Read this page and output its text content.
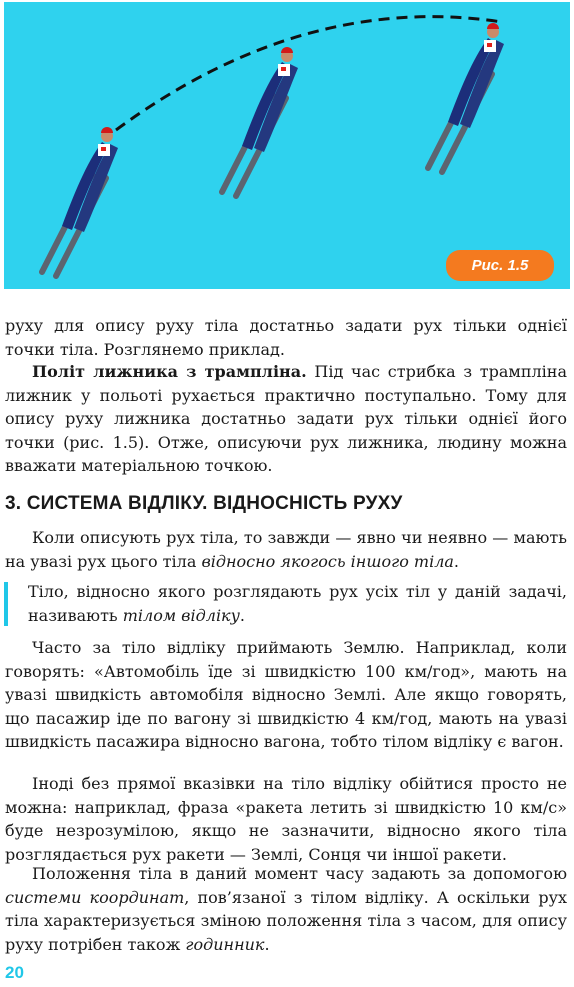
Рис. 1.5

руху для опису руху тіла достатньо задати рух тільки однієї точки тіла. Розглянемо приклад.

Політ лижника з трампліна. Під час стрибка з трампліна лижник у польоті рухається практично поступально. Тому для опису руху лижника достатньо задати рух тільки однієї його точки (рис. 1.5). Отже, описуючи рух лижника, людину можна вважати матеріальною точкою.

3. СИСТЕМА ВІДЛІКУ. ВІДНОСНІСТЬ РУХУ

Коли описують рух тіла, то завжди — явно чи неявно — мають на увазі рух цього тіла відносно якогось іншого тіла.

Тіло, відносно якого розглядають рух усіх тіл у даній задачі, називають тілом відліку.

Часто за тіло відліку приймають Землю. Наприклад, коли говорять: «Автомобіль їде зі швидкістю 100 км/год», мають на увазі швидкість автомобіля відносно Землі. Але якщо говорять, що пасажир іде по вагону зі швидкістю 4 км/год, мають на увазі швидкість пасажира відносно вагона, тобто тілом відліку є вагон.

Іноді без прямої вказівки на тіло відліку обійтися просто не можна: наприклад, фраза «ракета летить зі швидкістю 10 км/с» буде незрозумілою, якщо не зазначити, відносно якого тіла розглядається рух ракети — Землі, Сонця чи іншої ракети.

Положення тіла в даний момент часу задають за допомогою системи координат, пов’язаної з тілом відліку. А оскільки рух тіла характеризується зміною положення тіла з часом, для опису руху потрібен також годинник.

20
